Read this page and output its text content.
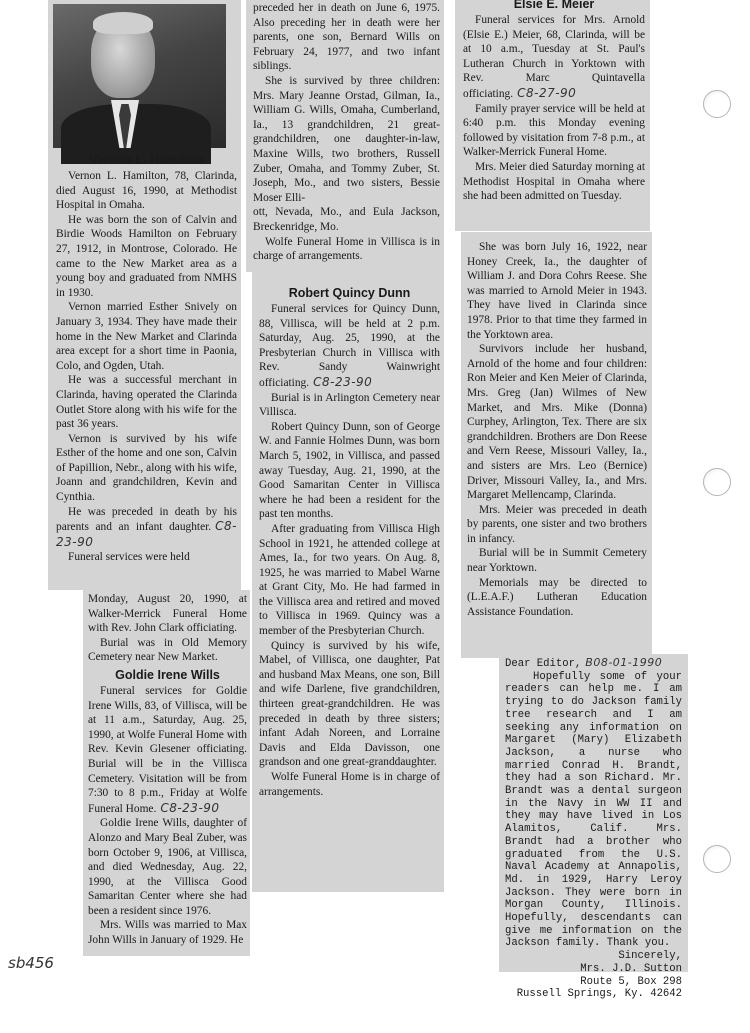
Vernon L. Hamilton

Vernon L. Hamilton, 78, Clarinda, died August 16, 1990, at Methodist Hospital in Omaha.

He was born the son of Calvin and Birdie Woods Hamilton on February 27, 1912, in Montrose, Colorado. He came to the New Market area as a young boy and graduated from NMHS in 1930.

Vernon married Esther Snively on January 3, 1934. They have made their home in the New Market and Clarinda area except for a short time in Paonia, Colo, and Ogden, Utah.

He was a successful merchant in Clarinda, having operated the Clarinda Outlet Store along with his wife for the past 36 years.

Vernon is survived by his wife Esther of the home and one son, Calvin of Papillion, Nebr., along with his wife, Joann and grandchildren, Kevin and Cynthia.

He was preceded in death by his parents and an infant daughter. C8-23-90

Funeral services were held

Monday, August 20, 1990, at Walker-Merrick Funeral Home with Rev. John Clark officiating.

Burial was in Old Memory Cemetery near New Market.

Goldie Irene Wills

Funeral services for Goldie Irene Wills, 83, of Villisca, will be at 11 a.m., Saturday, Aug. 25, 1990, at Wolfe Funeral Home with Rev. Kevin Glesener officiating. Burial will be in the Villisca Cemetery. Visitation will be from 7:30 to 8 p.m., Friday at Wolfe Funeral Home. C8-23-90

Goldie Irene Wills, daughter of Alonzo and Mary Beal Zuber, was born October 9, 1906, at Villisca, and died Wednesday, Aug. 22, 1990, at the Villisca Good Samaritan Center where she had been a resident since 1976.

Mrs. Wills was married to Max John Wills in January of 1929. He

preceded her in death on June 6, 1975. Also preceding her in death were her parents, one son, Bernard Wills on February 24, 1977, and two infant siblings.

She is survived by three children: Mrs. Mary Jeanne Orstad, Gilman, Ia., William G. Wills, Omaha, Cumberland, Ia., 13 grandchildren, 21 great-grandchildren, one daughter-in-law, Maxine Wills, two brothers, Russell Zuber, Omaha, and Tommy Zuber, St. Joseph, Mo., and two sisters, Bessie Moser Elli-

ott, Nevada, Mo., and Eula Jackson, Breckenridge, Mo.

Wolfe Funeral Home in Villisca is in charge of arrangements.

Robert Quincy Dunn

Funeral services for Quincy Dunn, 88, Villisca, will be held at 2 p.m. Saturday, Aug. 25, 1990, at the Presbyterian Church in Villisca with Rev. Sandy Wainwright officiating. C8-23-90

Burial is in Arlington Cemetery near Villisca.

Robert Quincy Dunn, son of George W. and Fannie Holmes Dunn, was born March 5, 1902, in Villisca, and passed away Tuesday, Aug. 21, 1990, at the Good Samaritan Center in Villisca where he had been a resident for the past ten months.

After graduating from Villisca High School in 1921, he attended college at Ames, Ia., for two years. On Aug. 8, 1925, he was married to Mabel Warne at Grant City, Mo. He had farmed in the Villisca area and retired and moved to Villisca in 1969. Quincy was a member of the Presbyterian Church.

Quincy is survived by his wife, Mabel, of Villisca, one daughter, Pat and husband Max Means, one son, Bill and wife Darlene, five grandchildren, thirteen great-grandchildren. He was preceded in death by three sisters; infant Adah Noreen, and Lorraine Davis and Elda Davisson, one grandson and one great-granddaughter.

Wolfe Funeral Home is in charge of arrangements.

Elsie E. Meier

Funeral services for Mrs. Arnold (Elsie E.) Meier, 68, Clarinda, will be at 10 a.m., Tuesday at St. Paul's Lutheran Church in Yorktown with Rev. Marc Quintavella officiating. C8-27-90

Family prayer service will be held at 6:40 p.m. this Monday evening followed by visitation from 7-8 p.m., at Walker-Merrick Funeral Home.

Mrs. Meier died Saturday morning at Methodist Hospital in Omaha where she had been admitted on Tuesday.

She was born July 16, 1922, near Honey Creek, Ia., the daughter of William J. and Dora Cohrs Reese. She was married to Arnold Meier in 1943. They have lived in Clarinda since 1978. Prior to that time they farmed in the Yorktown area.

Survivors include her husband, Arnold of the home and four children: Ron Meier and Ken Meier of Clarinda, Mrs. Greg (Jan) Wilmes of New Market, and Mrs. Mike (Donna) Curphey, Arlington, Tex. There are six grandchildren. Brothers are Don Reese and Vern Reese, Missouri Valley, Ia., and sisters are Mrs. Leo (Bernice) Driver, Missouri Valley, Ia., and Mrs. Margaret Mellencamp, Clarinda.

Mrs. Meier was preceded in death by parents, one sister and two brothers in infancy.

Burial will be in Summit Cemetery near Yorktown.

Memorials may be directed to (L.E.A.F.) Lutheran Education Assistance Foundation.

Dear Editor, B08-01-1990

Hopefully some of your readers can help me. I am trying to do Jackson family tree research and I am seeking any information on Margaret (Mary) Elizabeth Jackson, a nurse who married Conrad H. Brandt, they had a son Richard. Mr. Brandt was a dental surgeon in the Navy in WW II and they may have lived in Los Alamitos, Calif. Mrs. Brandt had a brother who graduated from the U.S. Naval Academy at Annapolis, Md. in 1929, Harry Leroy Jackson. They were born in Morgan County, Illinois. Hopefully, descendants can give me information on the Jackson family. Thank you.

Sincerely,

Mrs. J.D. Sutton

Route 5, Box 298

Russell Springs, Ky. 42642

sb456
